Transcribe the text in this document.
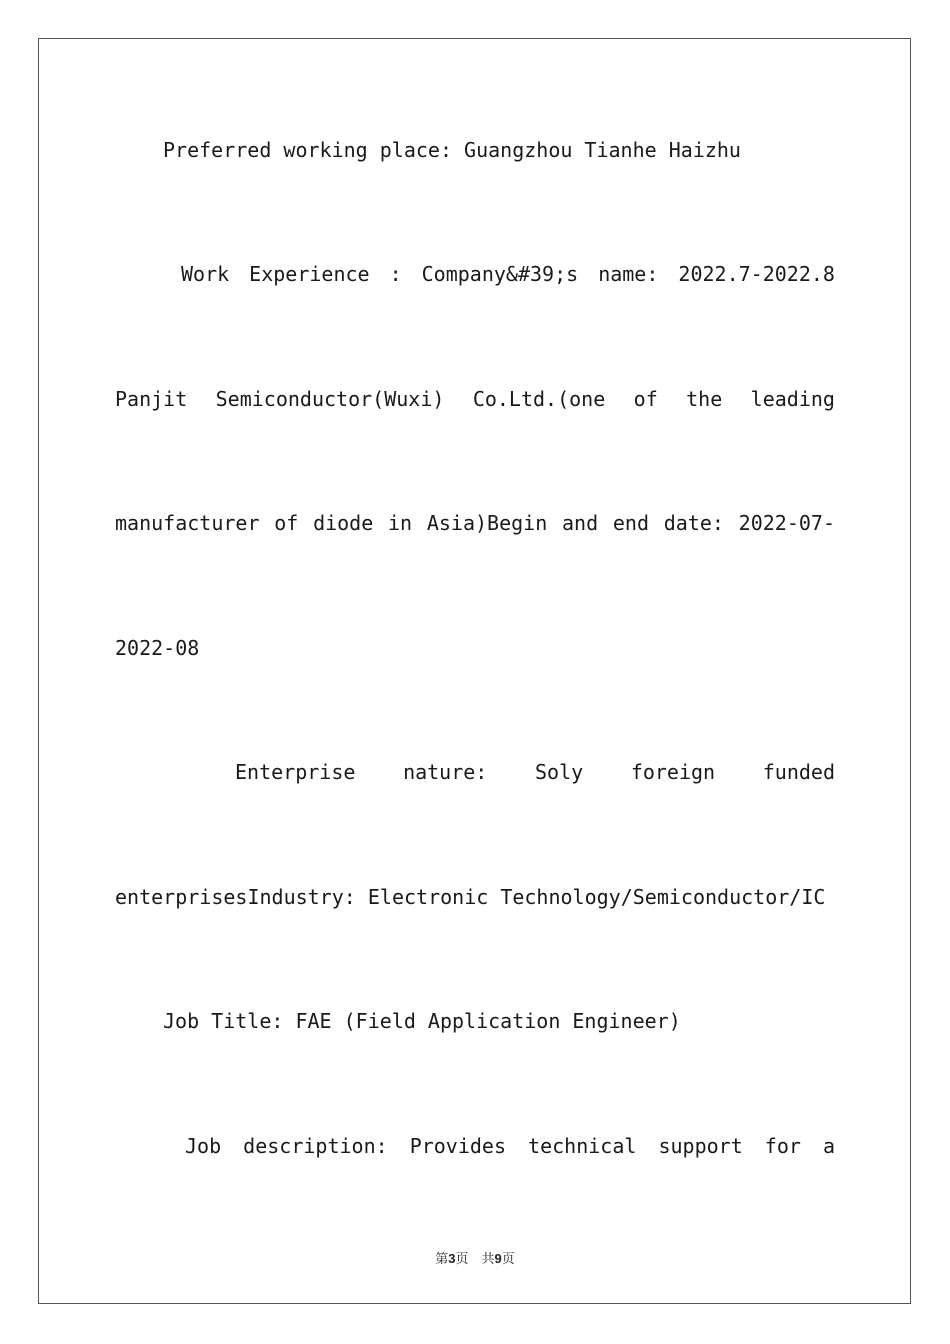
Preferred working place: Guangzhou Tianhe Haizhu
Work Experience : Company&#39;s name: 2022.7-2022.8
Panjit Semiconductor(Wuxi) Co.Ltd.(one of the leading
manufacturer of diode in Asia)Begin and end date: 2022-07-
2022-08
Enterprise nature: Soly foreign funded
enterprisesIndustry: Electronic Technology/Semiconductor/IC
Job Title: FAE (Field Application Engineer)
Job description: Provides technical support for a
第3页　共9页
